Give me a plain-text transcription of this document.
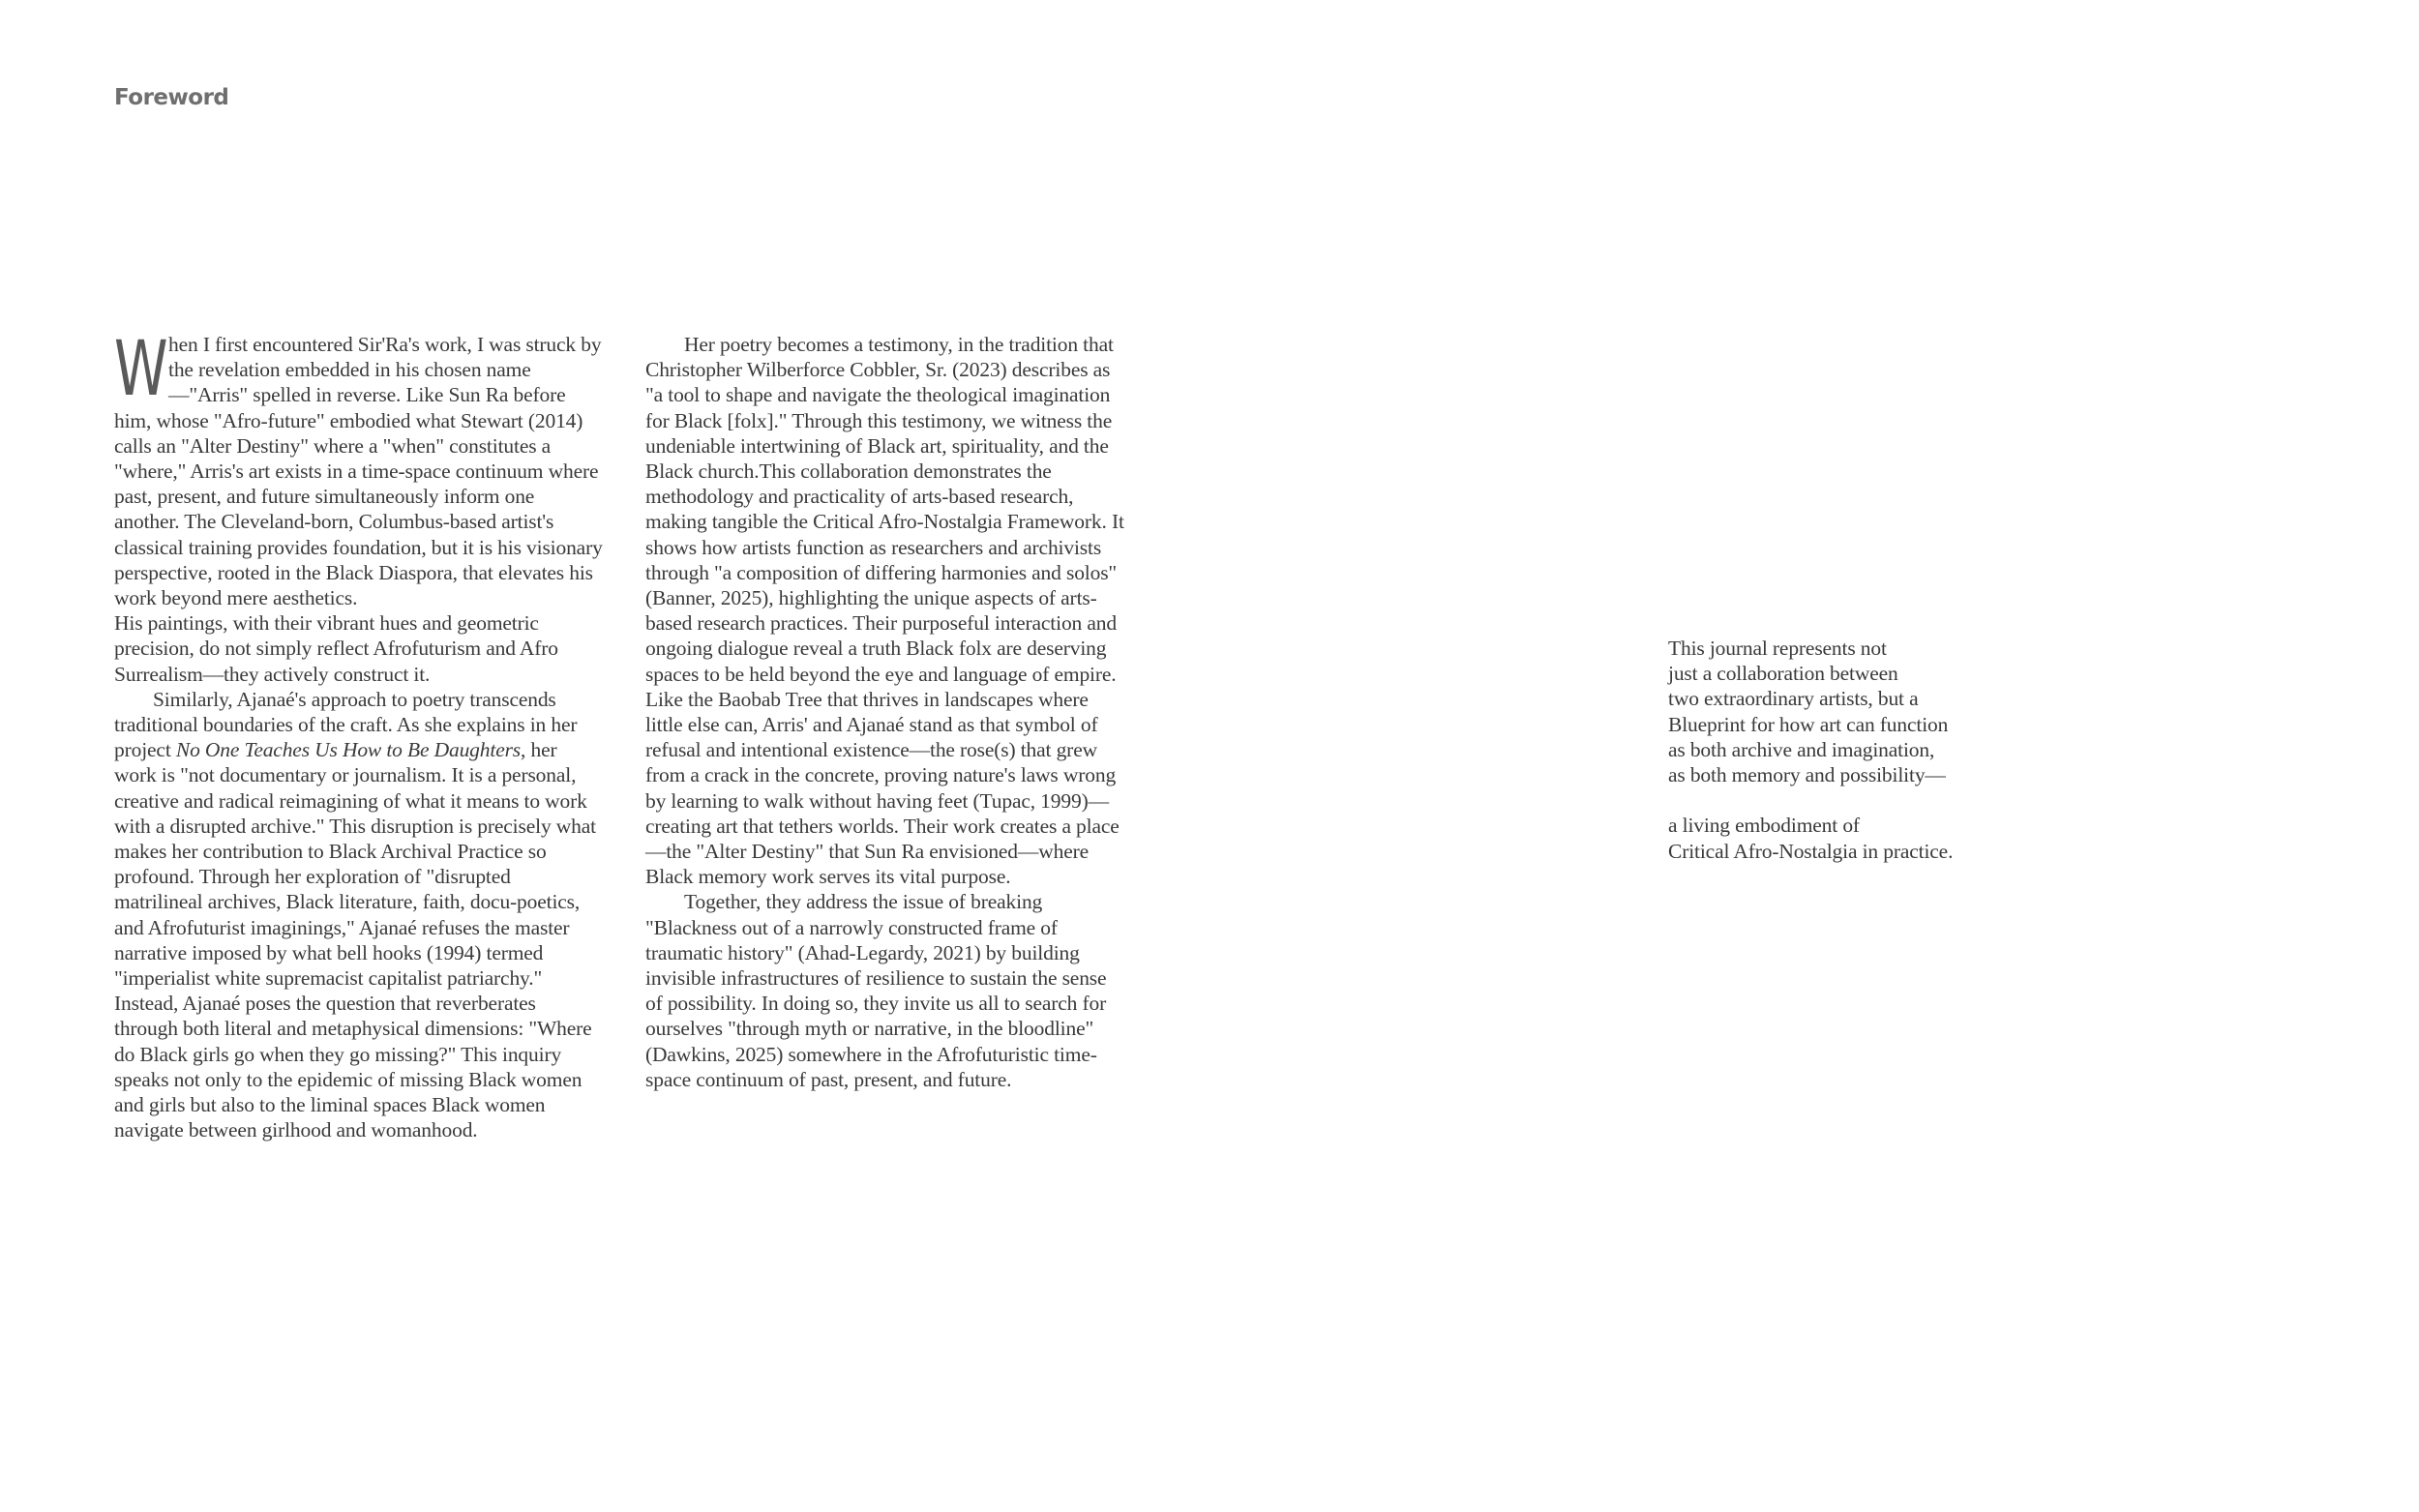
Foreword
W hen I first encountered Sir'Ra's work, I was struck by the revelation embedded in his chosen name—"Arris" spelled in reverse. Like Sun Ra before him, whose "Afro-future" embodied what Stewart (2014) calls an "Alter Destiny" where a "when" constitutes a "where," Arris's art exists in a time-space continuum where past, present, and future simultaneously inform one another. The Cleveland-born, Columbus-based artist's classical training provides foundation, but it is his visionary perspective, rooted in the Black Diaspora, that elevates his work beyond mere aesthetics.

His paintings, with their vibrant hues and geometric precision, do not simply reflect Afrofuturism and Afro Surrealism—they actively construct it.

Similarly, Ajanaé's approach to poetry transcends traditional boundaries of the craft. As she explains in her project No One Teaches Us How to Be Daughters, her work is "not documentary or journalism. It is a personal, creative and radical reimagining of what it means to work with a disrupted archive." This disruption is precisely what makes her contribution to Black Archival Practice so profound. Through her exploration of "disrupted matrilineal archives, Black literature, faith, docu-poetics, and Afrofuturist imaginings," Ajanaé refuses the master narrative imposed by what bell hooks (1994) termed "imperialist white supremacist capitalist patriarchy." Instead, Ajanaé poses the question that reverberates through both literal and metaphysical dimensions: "Where do Black girls go when they go missing?" This inquiry speaks not only to the epidemic of missing Black women and girls but also to the liminal spaces Black women navigate between girlhood and womanhood.

Her poetry becomes a testimony, in the tradition that Christopher Wilberforce Cobbler, Sr. (2023) describes as "a tool to shape and navigate the theological imagination for Black [folx]." Through this testimony, we witness the undeniable intertwining of Black art, spirituality, and the Black church.This collaboration demonstrates the methodology and practicality of arts-based research, making tangible the Critical Afro-Nostalgia Framework. It shows how artists function as researchers and archivists through "a composition of differing harmonies and solos" (Banner, 2025), highlighting the unique aspects of arts-based research practices. Their purposeful interaction and ongoing dialogue reveal a truth Black folx are deserving spaces to be held beyond the eye and language of empire. Like the Baobab Tree that thrives in landscapes where little else can, Arris' and Ajanaé stand as that symbol of refusal and intentional existence—the rose(s) that grew from a crack in the concrete, proving nature's laws wrong by learning to walk without having feet (Tupac, 1999)—creating art that tethers worlds. Their work creates a place—the "Alter Destiny" that Sun Ra envisioned—where Black memory work serves its vital purpose.

Together, they address the issue of breaking "Blackness out of a narrowly constructed frame of traumatic history" (Ahad-Legardy, 2021) by building invisible infrastructures of resilience to sustain the sense of possibility. In doing so, they invite us all to search for ourselves "through myth or narrative, in the bloodline"(Dawkins, 2025) somewhere in the Afrofuturistic time-space continuum of past, present, and future.

This journal represents not
just a collaboration between
two extraordinary artists, but a
Blueprint for how art can function
as both archive and imagination,
as both memory and possibility—
a living embodiment of
Critical Afro-Nostalgia in practice.
